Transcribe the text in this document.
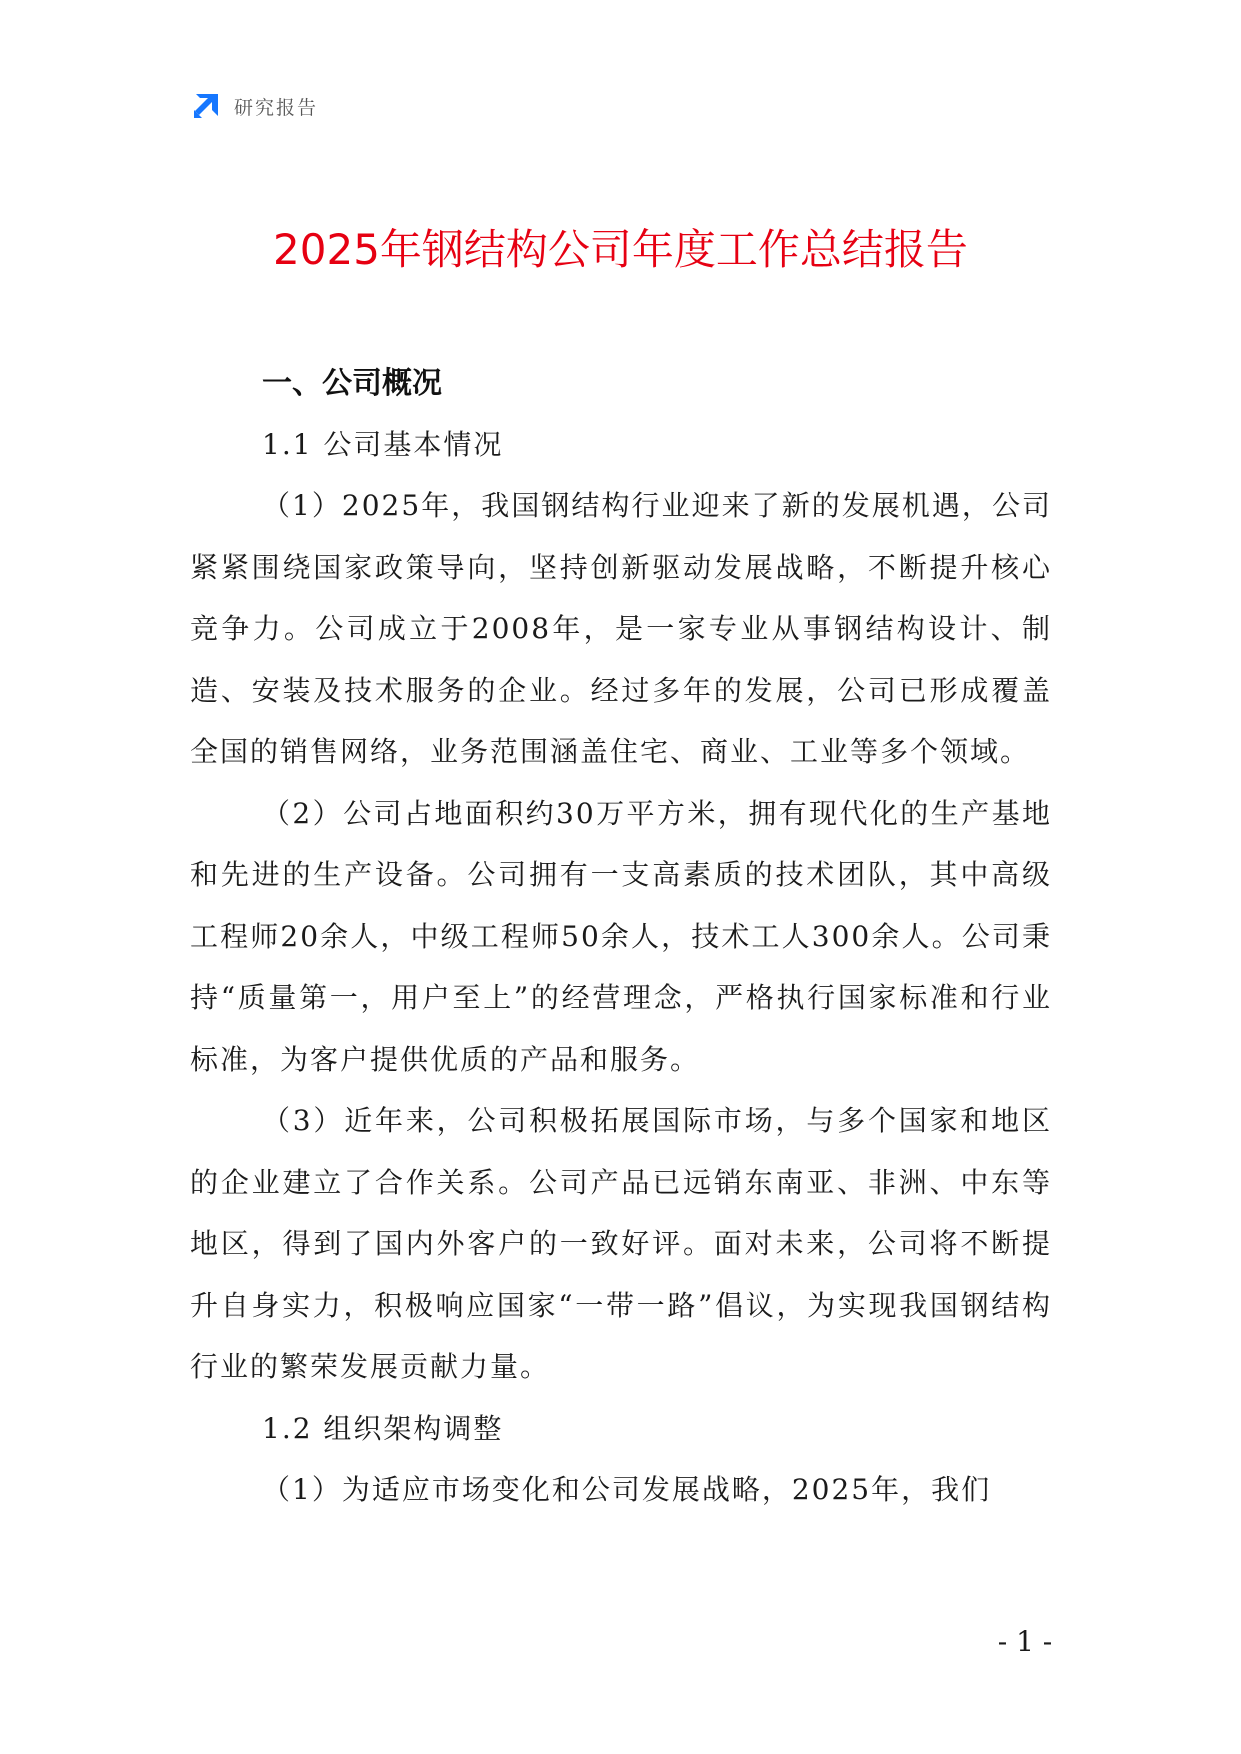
研究报告
2025年钢结构公司年度工作总结报告
一、公司概况
1.1 公司基本情况

（1）2025年，我国钢结构行业迎来了新的发展机遇，公司紧紧围绕国家政策导向，坚持创新驱动发展战略，不断提升核心竞争力。公司成立于2008年，是一家专业从事钢结构设计、制造、安装及技术服务的企业。经过多年的发展，公司已形成覆盖全国的销售网络，业务范围涵盖住宅、商业、工业等多个领域。

（2）公司占地面积约30万平方米，拥有现代化的生产基地和先进的生产设备。公司拥有一支高素质的技术团队，其中高级工程师20余人，中级工程师50余人，技术工人300余人。公司秉持“质量第一，用户至上”的经营理念，严格执行国家标准和行业标准，为客户提供优质的产品和服务。

（3）近年来，公司积极拓展国际市场，与多个国家和地区的企业建立了合作关系。公司产品已远销东南亚、非洲、中东等地区，得到了国内外客户的一致好评。面对未来，公司将不断提升自身实力，积极响应国家“一带一路”倡议，为实现我国钢结构行业的繁荣发展贡献力量。

1.2 组织架构调整

（1）为适应市场变化和公司发展战略，2025年，我们

- 1 -
